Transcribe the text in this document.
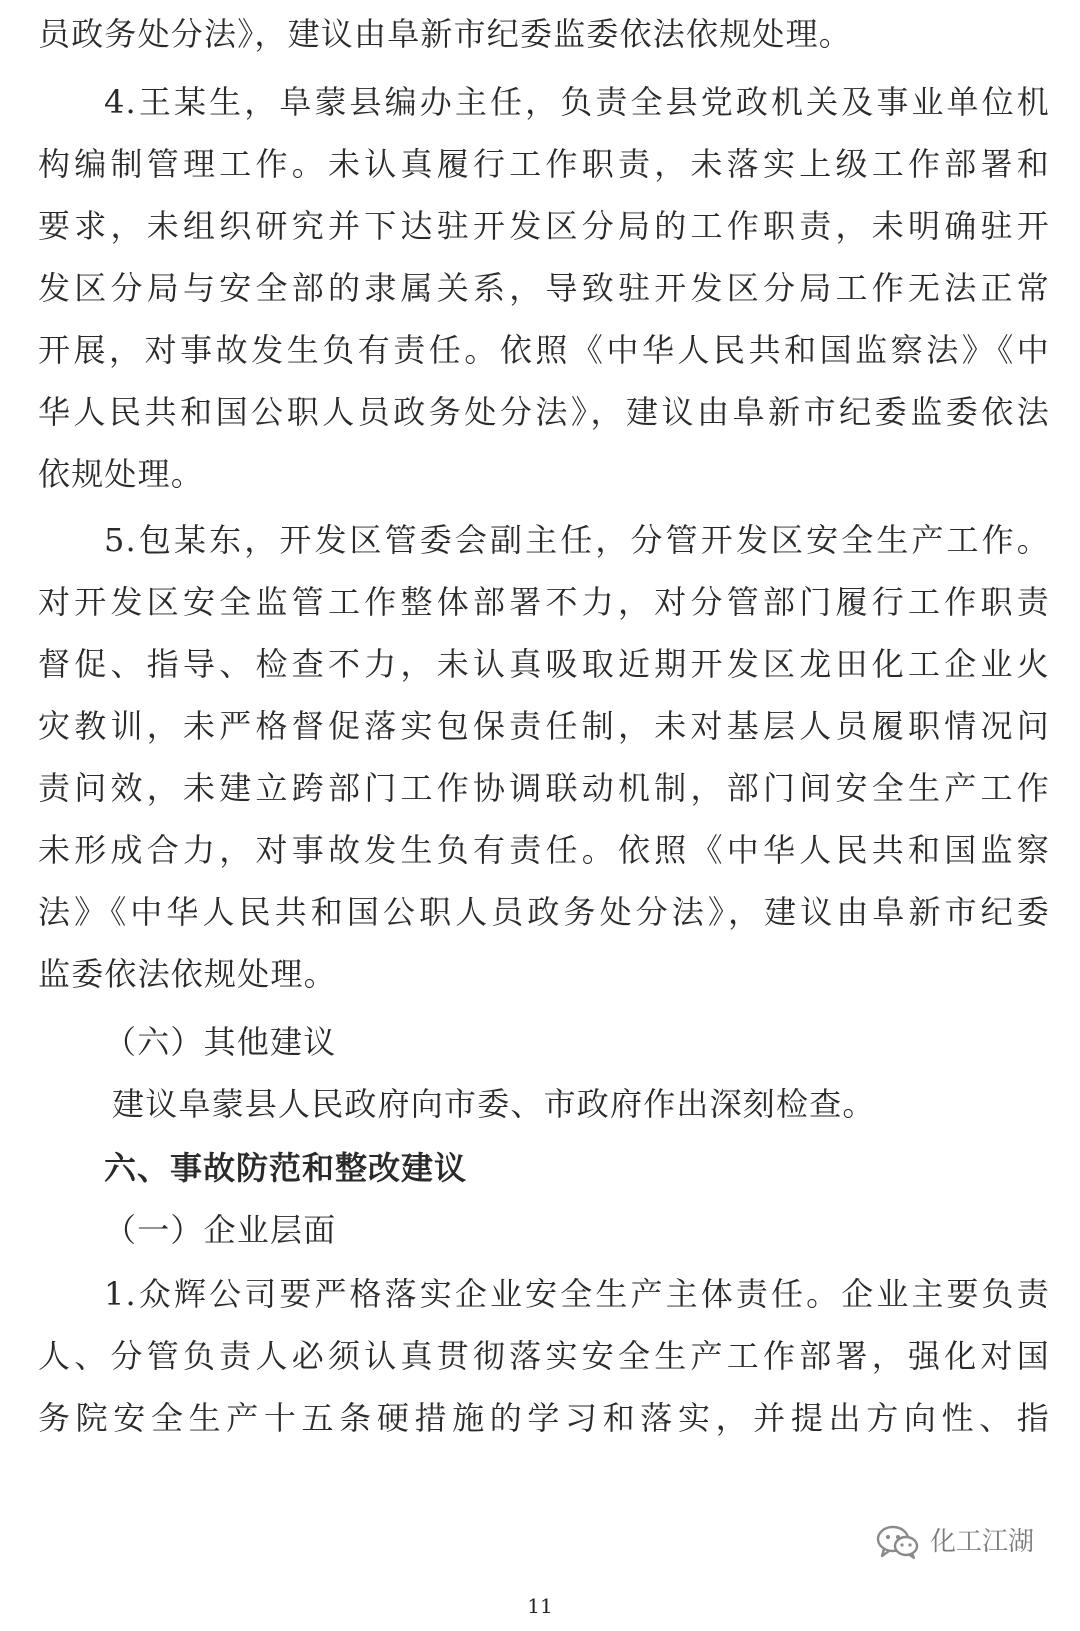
员政务处分法》，建议由阜新市纪委监委依法依规处理。
4.王某生，阜蒙县编办主任，负责全县党政机关及事业单位机
构编制管理工作。未认真履行工作职责，未落实上级工作部署和
要求，未组织研究并下达驻开发区分局的工作职责，未明确驻开
发区分局与安全部的隶属关系，导致驻开发区分局工作无法正常
开展，对事故发生负有责任。依照《中华人民共和国监察法》《中
华人民共和国公职人员政务处分法》，建议由阜新市纪委监委依法
依规处理。
5.包某东，开发区管委会副主任，分管开发区安全生产工作。
对开发区安全监管工作整体部署不力，对分管部门履行工作职责
督促、指导、检查不力，未认真吸取近期开发区龙田化工企业火
灾教训，未严格督促落实包保责任制，未对基层人员履职情况问
责问效，未建立跨部门工作协调联动机制，部门间安全生产工作
未形成合力，对事故发生负有责任。依照《中华人民共和国监察
法》《中华人民共和国公职人员政务处分法》，建议由阜新市纪委
监委依法依规处理。
（六）其他建议
建议阜蒙县人民政府向市委、市政府作出深刻检查。
六、事故防范和整改建议
（一）企业层面
1.众辉公司要严格落实企业安全生产主体责任。企业主要负责
人、分管负责人必须认真贯彻落实安全生产工作部署，强化对国
务院安全生产十五条硬措施的学习和落实，并提出方向性、指
化工江湖
11
